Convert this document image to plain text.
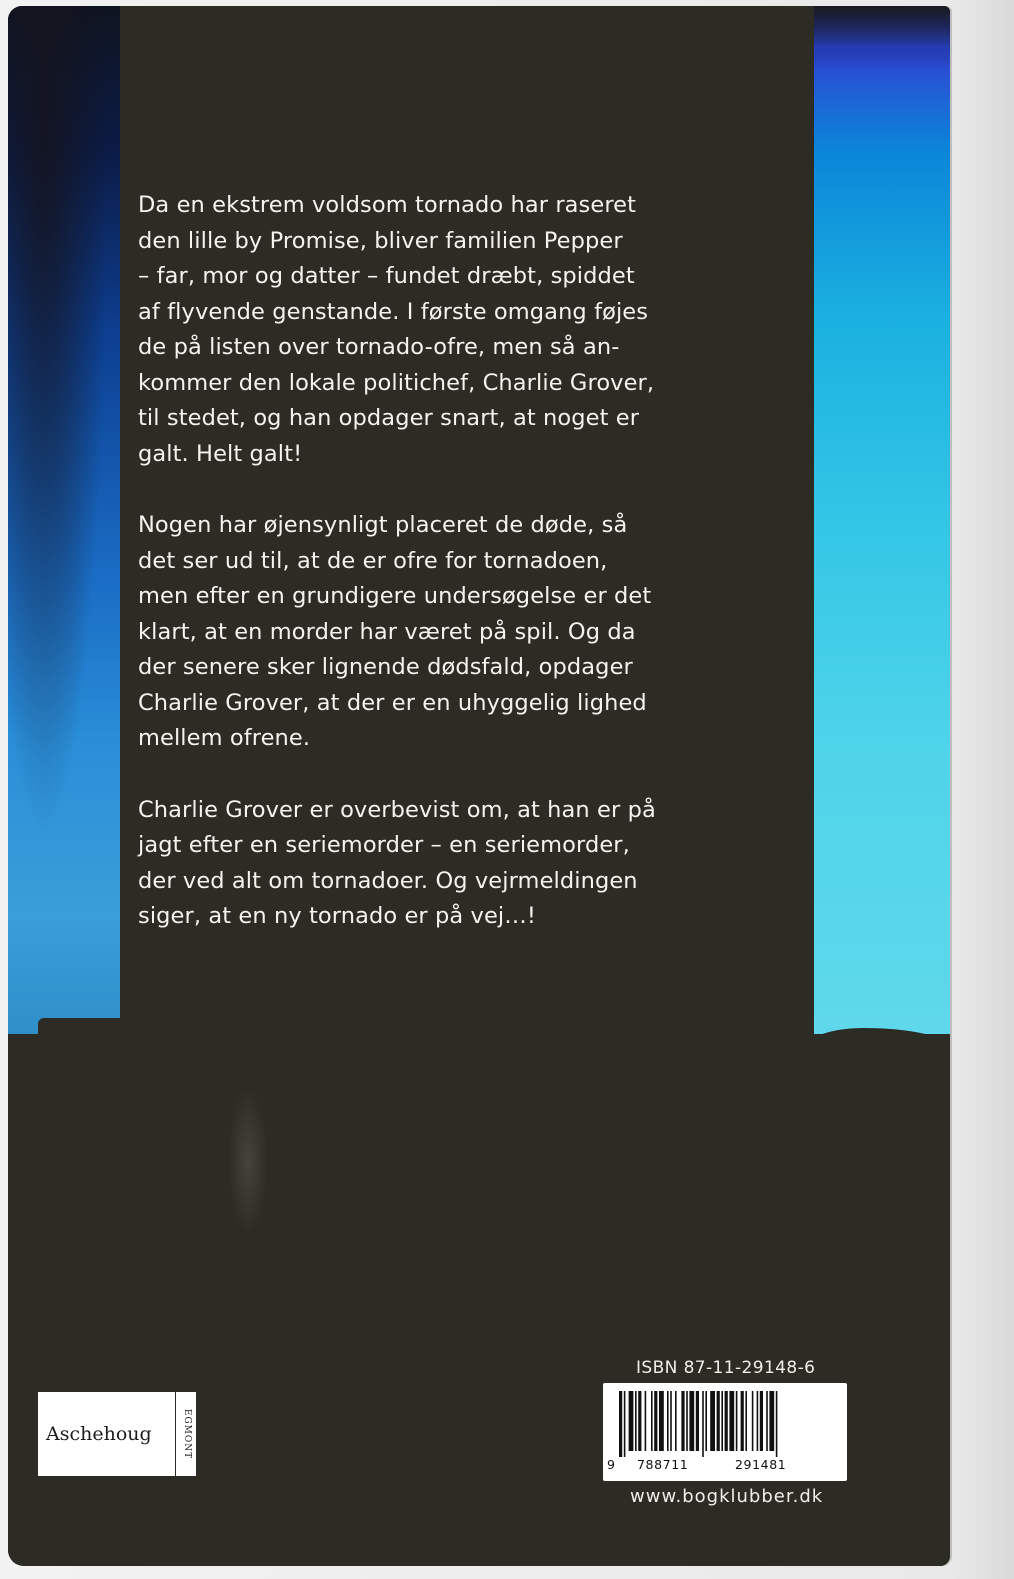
Da en ekstrem voldsom tornado har raseret
den lille by Promise, bliver familien Pepper
– far, mor og datter – fundet dræbt, spiddet
af flyvende genstande. I første omgang føjes
de på listen over tornado-ofre, men så an-
kommer den lokale politichef, Charlie Grover,
til stedet, og han opdager snart, at noget er
galt. Helt galt!

Nogen har øjensynligt placeret de døde, så
det ser ud til, at de er ofre for tornadoen,
men efter en grundigere undersøgelse er det
klart, at en morder har været på spil. Og da
der senere sker lignende dødsfald, opdager
Charlie Grover, at der er en uhyggelig lighed
mellem ofrene.

Charlie Grover er overbevist om, at han er på
jagt efter en seriemorder – en seriemorder,
der ved alt om tornadoer. Og vejrmeldingen
siger, at en ny tornado er på vej…!

Aschehoug	EGMONT
ISBN 87-11-29148-6
9 788711	291481
www.bogklubber.dk
